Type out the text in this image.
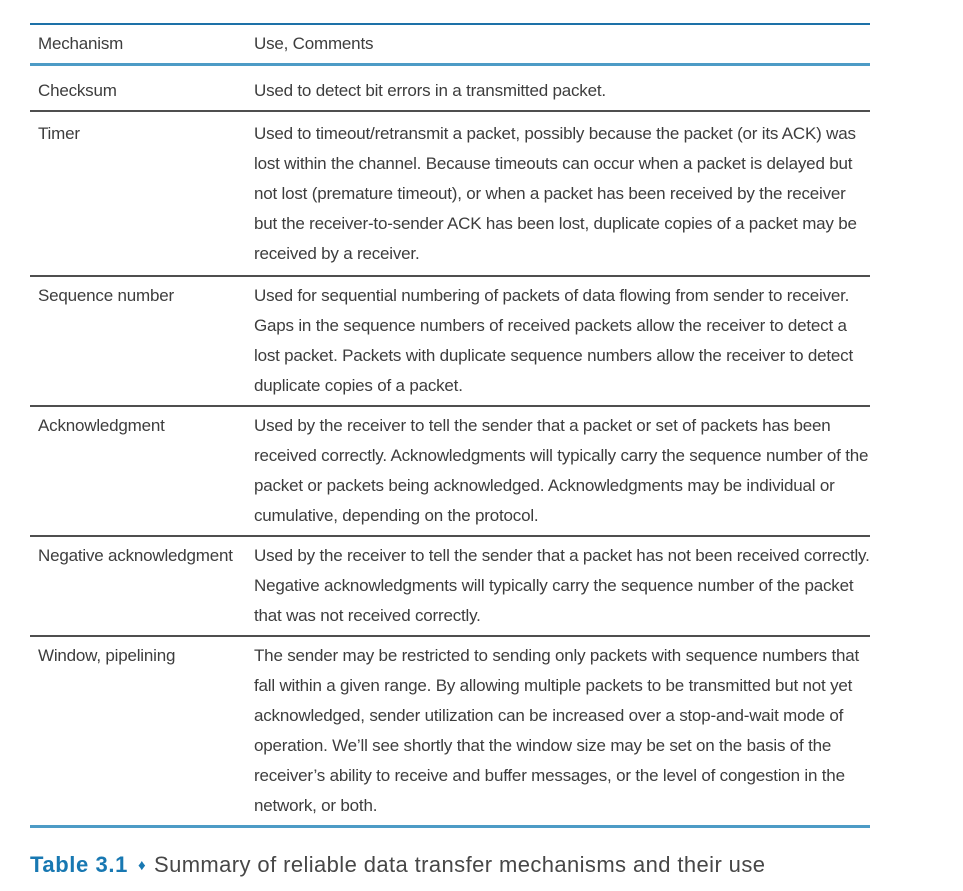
Mechanism	Use, Comments
Checksum	Used to detect bit errors in a transmitted packet.
Timer	Used to timeout/retransmit a packet, possibly because the packet (or its ACK) was lost within the channel. Because timeouts can occur when a packet is delayed but not lost (premature timeout), or when a packet has been received by the receiver but the receiver-to-sender ACK has been lost, duplicate copies of a packet may be received by a receiver.
Sequence number	Used for sequential numbering of packets of data flowing from sender to receiver. Gaps in the sequence numbers of received packets allow the receiver to detect a lost packet. Packets with duplicate sequence numbers allow the receiver to detect duplicate copies of a packet.
Acknowledgment	Used by the receiver to tell the sender that a packet or set of packets has been received correctly. Acknowledgments will typically carry the sequence number of the packet or packets being acknowledged. Acknowledgments may be individual or cumulative, depending on the protocol.
Negative acknowledgment	Used by the receiver to tell the sender that a packet has not been received correctly. Negative acknowledgments will typically carry the sequence number of the packet that was not received correctly.
Window, pipelining	The sender may be restricted to sending only packets with sequence numbers that fall within a given range. By allowing multiple packets to be transmitted but not yet acknowledged, sender utilization can be increased over a stop-and-wait mode of operation. We’ll see shortly that the window size may be set on the basis of the receiver’s ability to receive and buffer messages, or the level of congestion in the network, or both.
Table 3.1 ♦ Summary of reliable data transfer mechanisms and their use
